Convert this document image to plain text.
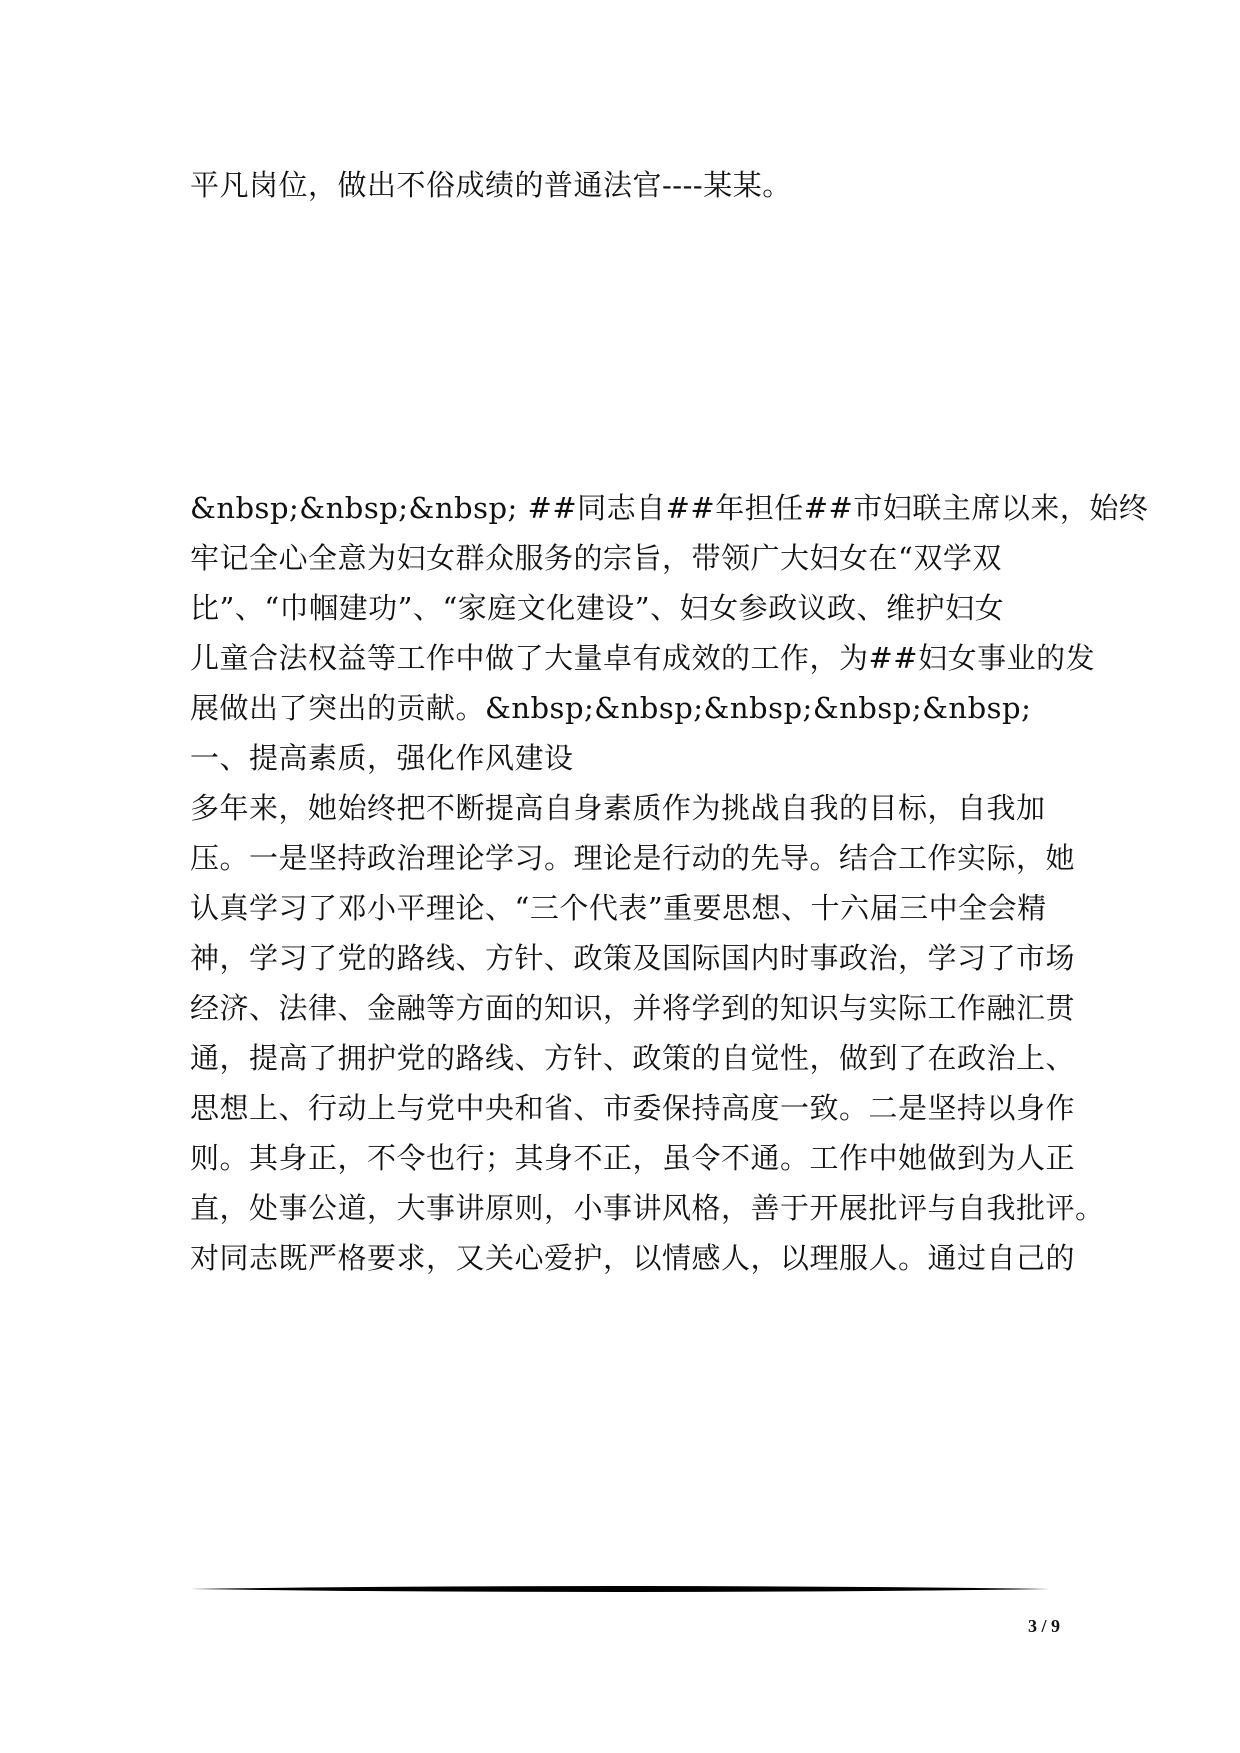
平凡岗位，做出不俗成绩的普通法官----某某。
&nbsp;&nbsp;&nbsp; ##同志自##年担任##市妇联主席以来，始终
牢记全心全意为妇女群众服务的宗旨，带领广大妇女在“双学双
比”、“巾帼建功”、“家庭文化建设”、妇女参政议政、维护妇女
儿童合法权益等工作中做了大量卓有成效的工作，为##妇女事业的发
展做出了突出的贡献。&nbsp;&nbsp;&nbsp;&nbsp;&nbsp;
一、提高素质，强化作风建设
多年来，她始终把不断提高自身素质作为挑战自我的目标，自我加
压。一是坚持政治理论学习。理论是行动的先导。结合工作实际，她
认真学习了邓小平理论、“三个代表”重要思想、十六届三中全会精
神，学习了党的路线、方针、政策及国际国内时事政治，学习了市场
经济、法律、金融等方面的知识，并将学到的知识与实际工作融汇贯
通，提高了拥护党的路线、方针、政策的自觉性，做到了在政治上、
思想上、行动上与党中央和省、市委保持高度一致。二是坚持以身作
则。其身正，不令也行；其身不正，虽令不通。工作中她做到为人正
直，处事公道，大事讲原则，小事讲风格，善于开展批评与自我批评。
对同志既严格要求，又关心爱护，以情感人，以理服人。通过自己的
3 / 9
